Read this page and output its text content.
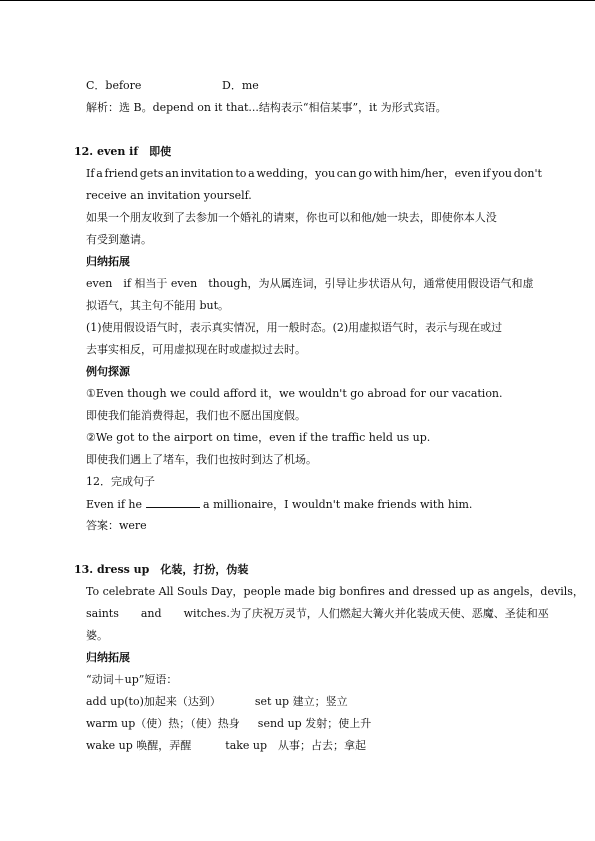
C．before	D．me
解析：选 B。depend on it that...结构表示“相信某事”，it 为形式宾语。
12. even if　即使
If a friend gets an invitation to a wedding，you can go with him/her，even if you don't
receive an invitation yourself.
如果一个朋友收到了去参加一个婚礼的请柬，你也可以和他/她一块去，即使你本人没
有受到邀请。
归纳拓展
even　if 相当于 even　though，为从属连词，引导让步状语从句，通常使用假设语气和虚
拟语气，其主句不能用 but。
(1)使用假设语气时，表示真实情况，用一般时态。(2)用虚拟语气时，表示与现在或过
去事实相反，可用虚拟现在时或虚拟过去时。
例句探源
①Even though we could afford it，we wouldn't go abroad for our vacation.
即使我们能消费得起，我们也不愿出国度假。
②We got to the airport on time，even if the traffic held us up.
即使我们遇上了堵车，我们也按时到达了机场。
12．完成句子
Even if he	a millionaire，I wouldn't make friends with him.
答案：were
13. dress up　化装，打扮，伪装
To celebrate All Souls Day，people made big bonfires and dressed up as angels，devils，
saints and witches.为了庆祝万灵节，人们燃起大篝火并化装成天使、恶魔、圣徒和巫
婆。
归纳拓展
“动词＋up”短语：
add up(to)加起来（达到）	set up 建立；竖立
warm up（使）热；（使）热身 send up 发射；使上升
wake up 唤醒，弄醒	take up　从事；占去；拿起
